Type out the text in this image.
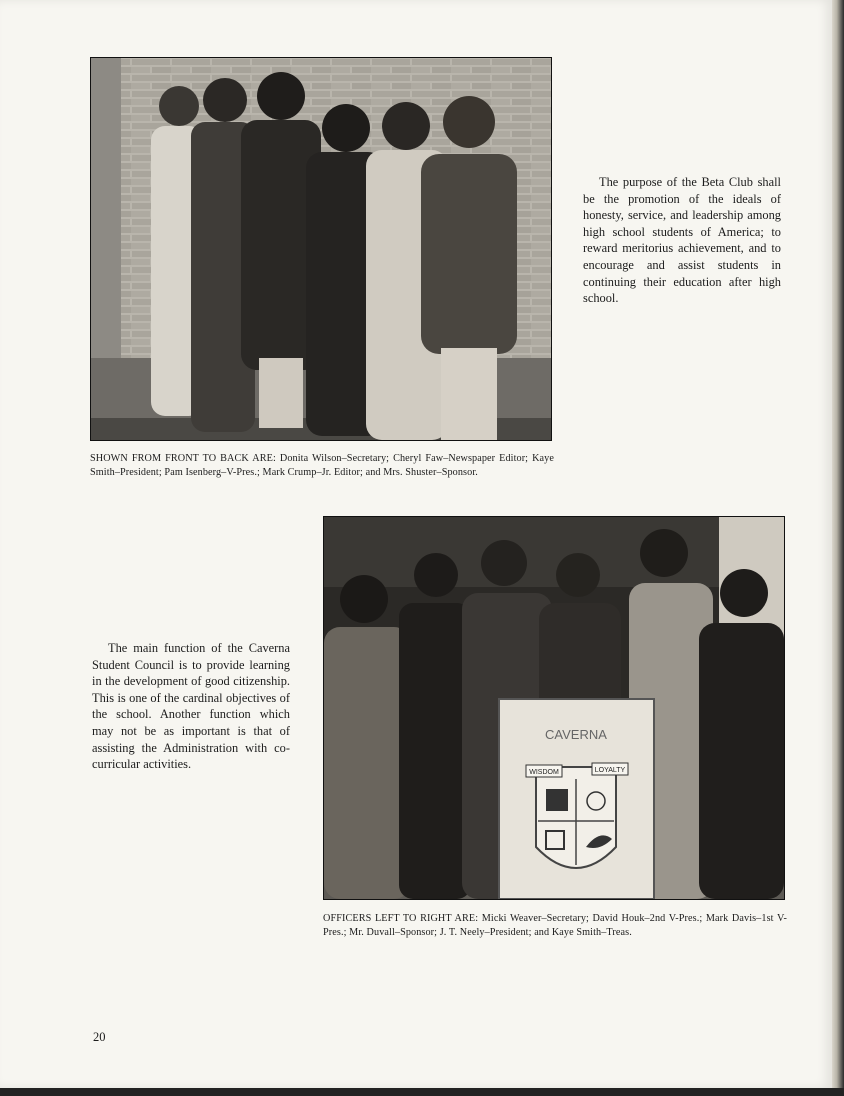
SHOWN FROM FRONT TO BACK ARE: Donita Wilson–Secretary; Cheryl Faw–Newspaper Editor; Kaye Smith–President; Pam Isenberg–V-Pres.; Mark Crump–Jr. Editor; and Mrs. Shuster–Sponsor.
The purpose of the Beta Club shall be the promotion of the ideals of honesty, service, and leadership among high school students of America; to reward meritorius achievement, and to encourage and assist students in continuing their education after high school.
CAVERNA
WISDOM	LOYALTY
The main function of the Caverna Student Council is to provide learning in the development of good citizenship. This is one of the cardinal objectives of the school. Another function which may not be as important is that of assisting the Administration with co-curricular activities.
OFFICERS LEFT TO RIGHT ARE: Micki Weaver–Secretary; David Houk–2nd V-Pres.; Mark Davis–1st V-Pres.; Mr. Duvall–Sponsor; J. T. Neely–President; and Kaye Smith–Treas.
20
